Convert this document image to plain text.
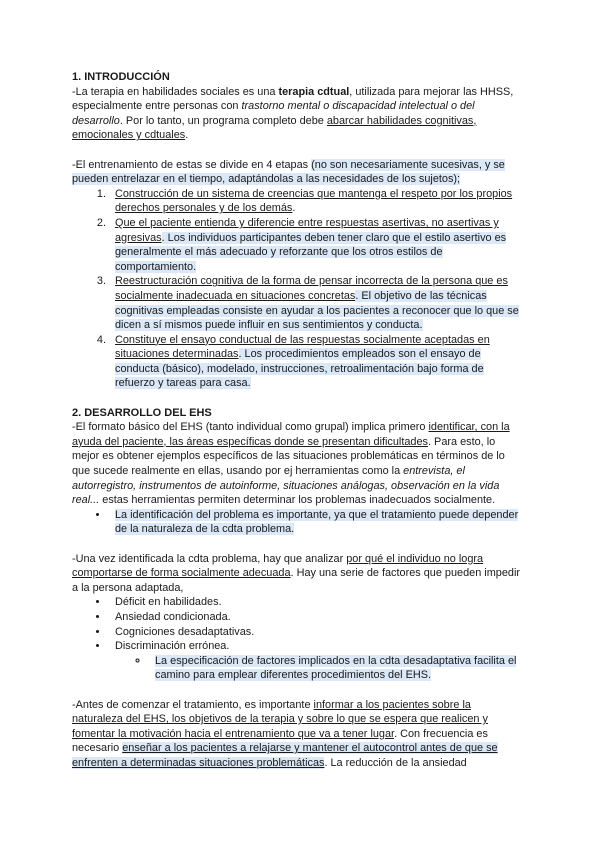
1. INTRODUCCIÓN

-La terapia en habilidades sociales es una terapia cdtual, utilizada para mejorar las HHSS, especialmente entre personas con trastorno mental o discapacidad intelectual o del desarrollo. Por lo tanto, un programa completo debe abarcar habilidades cognitivas, emocionales y cdtuales.

-El entrenamiento de estas se divide en 4 etapas (no son necesariamente sucesivas, y se pueden entrelazar en el tiempo, adaptándolas a las necesidades de los sujetos);

1. Construcción de un sistema de creencias que mantenga el respeto por los propios derechos personales y de los demás.
2. Que el paciente entienda y diferencie entre respuestas asertivas, no asertivas y agresivas. Los individuos participantes deben tener claro que el estilo asertivo es generalmente el más adecuado y reforzante que los otros estilos de comportamiento.
3. Reestructuración cognitiva de la forma de pensar incorrecta de la persona que es socialmente inadecuada en situaciones concretas. El objetivo de las técnicas cognitivas empleadas consiste en ayudar a los pacientes a reconocer que lo que se dicen a sí mismos puede influir en sus sentimientos y conducta.
4. Constituye el ensayo conductual de las respuestas socialmente aceptadas en situaciones determinadas. Los procedimientos empleados son el ensayo de conducta (básico), modelado, instrucciones, retroalimentación bajo forma de refuerzo y tareas para casa.
2. DESARROLLO DEL EHS

-El formato básico del EHS (tanto individual como grupal) implica primero identificar, con la ayuda del paciente, las áreas específicas donde se presentan dificultades. Para esto, lo mejor es obtener ejemplos específicos de las situaciones problemáticas en términos de lo que sucede realmente en ellas, usando por ej herramientas como la entrevista, el autorregistro, instrumentos de autoinforme, situaciones análogas, observación en la vida real... estas herramientas permiten determinar los problemas inadecuados socialmente.

• La identificación del problema es importante, ya que el tratamiento puede depender de la naturaleza de la cdta problema.

-Una vez identificada la cdta problema, hay que analizar por qué el individuo no logra comportarse de forma socialmente adecuada. Hay una serie de factores que pueden impedir a la persona adaptada,

• Déficit en habilidades.
• Ansiedad condicionada.
• Cogniciones desadaptativas.
• Discriminación errónea.
◦ La especificación de factores implicados en la cdta desadaptativa facilita el camino para emplear diferentes procedimientos del EHS.

-Antes de comenzar el tratamiento, es importante informar a los pacientes sobre la naturaleza del EHS, los objetivos de la terapia y sobre lo que se espera que realicen y fomentar la motivación hacia el entrenamiento que va a tener lugar. Con frecuencia es necesario enseñar a los pacientes a relajarse y mantener el autocontrol antes de que se enfrenten a determinadas situaciones problemáticas. La reducción de la ansiedad
